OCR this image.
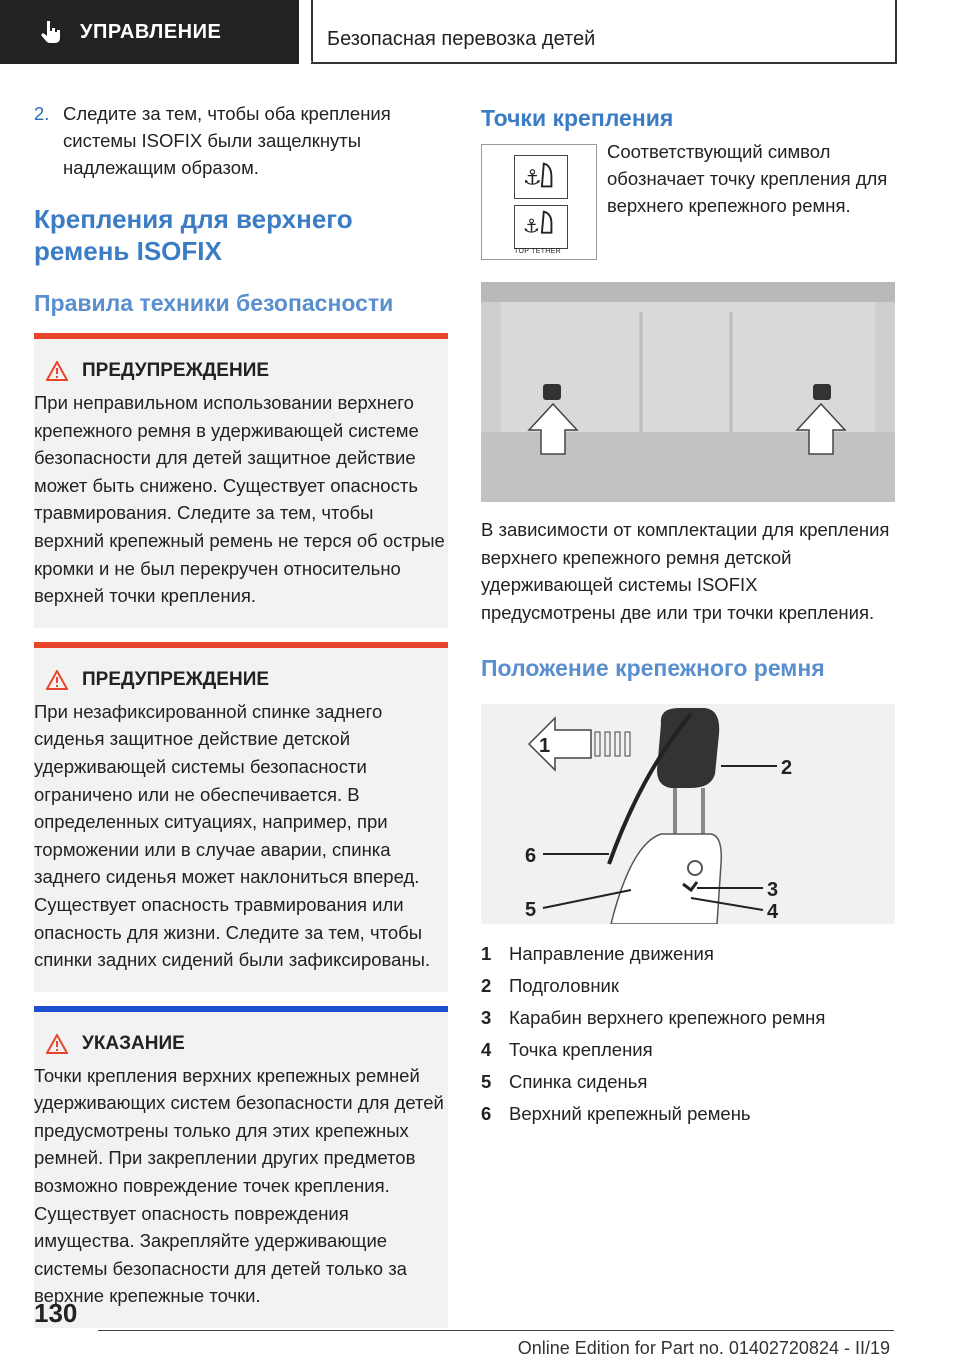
УПРАВЛЕНИЕ	Безопасная перевозка детей
2. Следите за тем, чтобы оба крепления системы ISOFIX были защелкнуты надлежащим образом.
Крепления для верхнего ремень ISOFIX
Правила техники безопасности
ПРЕДУПРЕЖДЕНИЕ
При неправильном использовании верхнего крепежного ремня в удерживающей системе безопасности для детей защитное действие может быть снижено. Существует опасность травмирования. Следите за тем, чтобы верхний крепежный ремень не терся об острые кромки и не был перекручен относительно верхней точки крепления.
ПРЕДУПРЕЖДЕНИЕ
При незафиксированной спинке заднего сиденья защитное действие детской удерживающей системы безопасности ограничено или не обеспечивается. В определенных ситуациях, например, при торможении или в случае аварии, спинка заднего сиденья может наклониться вперед. Существует опасность травмирования или опасность для жизни. Следите за тем, чтобы спинки задних сидений были зафиксированы.
УКАЗАНИЕ
Точки крепления верхних крепежных ремней удерживающих систем безопасности для детей предусмотрены только для этих крепежных ремней. При закреплении других предметов возможно повреждение точек крепления. Существует опасность повреждения имущества. Закрепляйте удерживающие системы безопасности для детей только за верхние крепежные точки.
Точки крепления
⚓
⚓
TOP TETHER
Соответствующий символ обозначает точку крепления для верхнего крепежного ремня.
В зависимости от комплектации для крепления верхнего крепежного ремня детской удерживающей системы ISOFIX предусмотрены две или три точки крепления.
Положение крепежного ремня
1
2
3
4
5
6
1 Направление движения
2 Подголовник
3 Карабин верхнего крепежного ремня
4 Точка крепления
5 Спинка сиденья
6 Верхний крепежный ремень
130
Online Edition for Part no. 01402720824 - II/19
